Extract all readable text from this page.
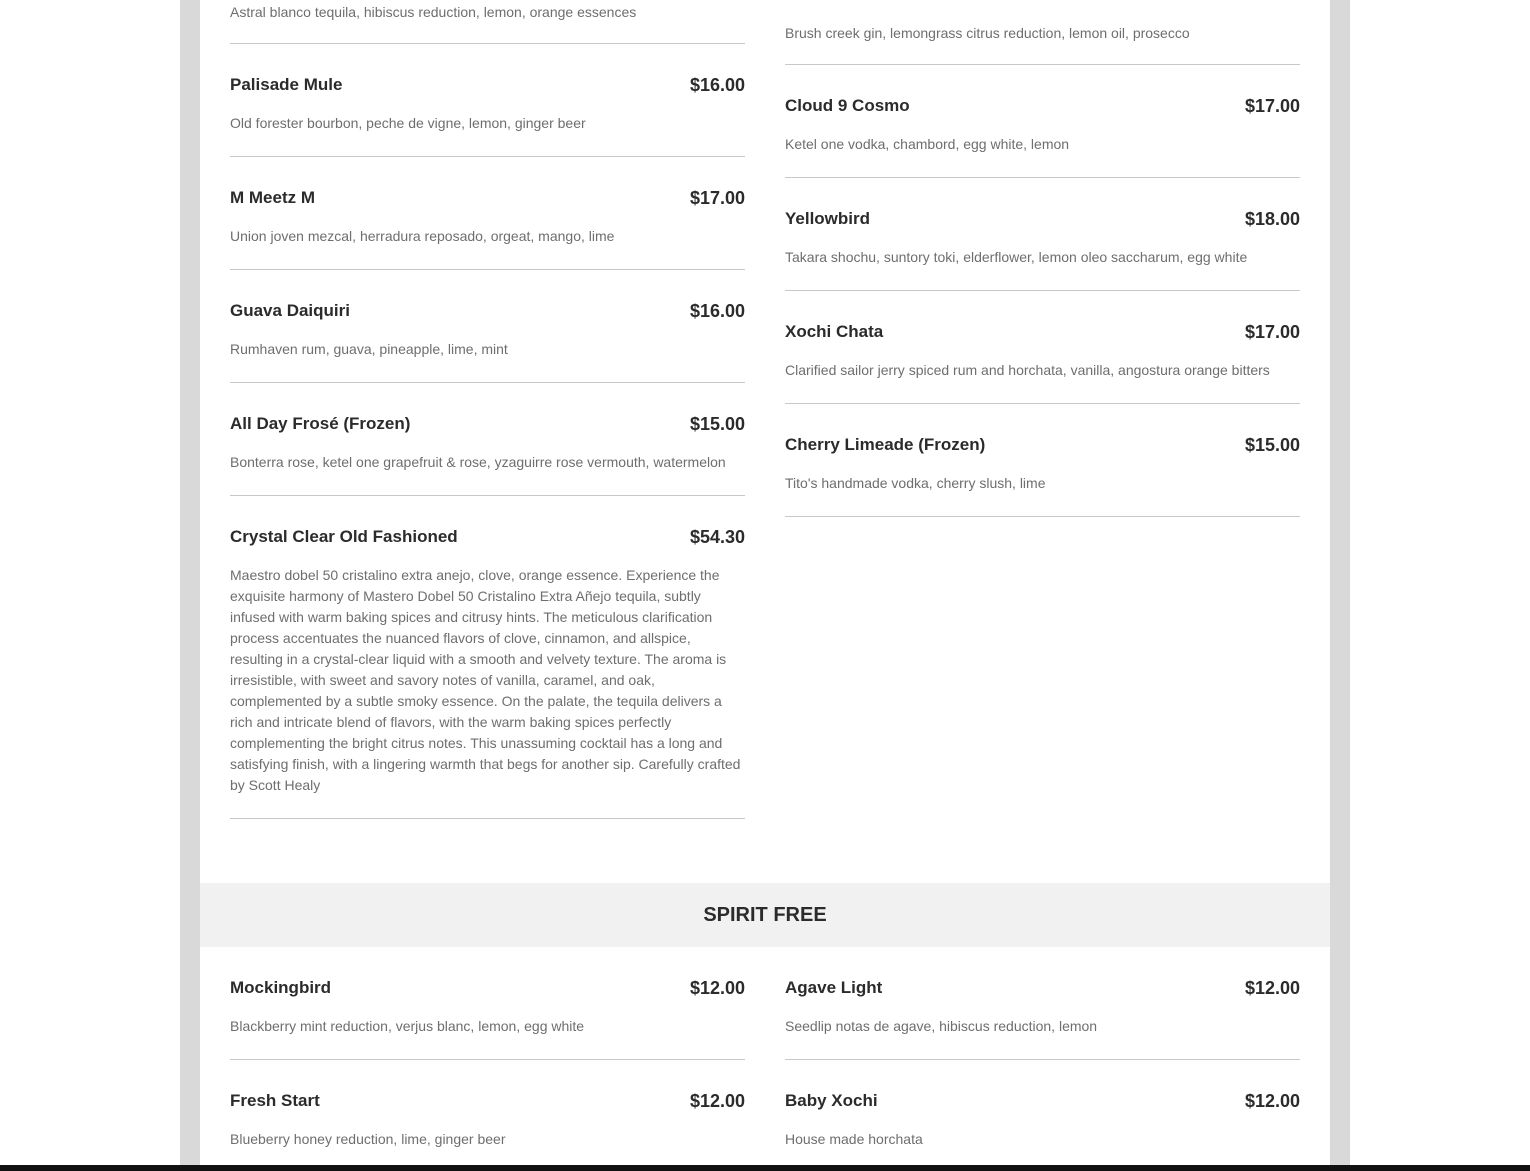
Astral blanco tequila, hibiscus reduction, lemon, orange essences
Brush creek gin, lemongrass citrus reduction, lemon oil, prosecco
Palisade Mule	$16.00
Old forester bourbon, peche de vigne, lemon, ginger beer
M Meetz M	$17.00
Union joven mezcal, herradura reposado, orgeat, mango, lime
Guava Daiquiri	$16.00
Rumhaven rum, guava, pineapple, lime, mint
All Day Frosé (Frozen)	$15.00
Bonterra rose, ketel one grapefruit & rose, yzaguirre rose vermouth, watermelon
Crystal Clear Old Fashioned	$54.30
Maestro dobel 50 cristalino extra anejo, clove, orange essence. Experience the exquisite harmony of Mastero Dobel 50 Cristalino Extra Añejo tequila, subtly infused with warm baking spices and citrusy hints. The meticulous clarification process accentuates the nuanced flavors of clove, cinnamon, and allspice, resulting in a crystal-clear liquid with a smooth and velvety texture. The aroma is irresistible, with sweet and savory notes of vanilla, caramel, and oak, complemented by a subtle smoky essence. On the palate, the tequila delivers a rich and intricate blend of flavors, with the warm baking spices perfectly complementing the bright citrus notes. This unassuming cocktail has a long and satisfying finish, with a lingering warmth that begs for another sip. Carefully crafted by Scott Healy
Cloud 9 Cosmo	$17.00
Ketel one vodka, chambord, egg white, lemon
Yellowbird	$18.00
Takara shochu, suntory toki, elderflower, lemon oleo saccharum, egg white
Xochi Chata	$17.00
Clarified sailor jerry spiced rum and horchata, vanilla, angostura orange bitters
Cherry Limeade (Frozen)	$15.00
Tito's handmade vodka, cherry slush, lime
SPIRIT FREE
Mockingbird	$12.00
Blackberry mint reduction, verjus blanc, lemon, egg white
Fresh Start	$12.00
Blueberry honey reduction, lime, ginger beer
Agave Light	$12.00
Seedlip notas de agave, hibiscus reduction, lemon
Baby Xochi	$12.00
House made horchata
